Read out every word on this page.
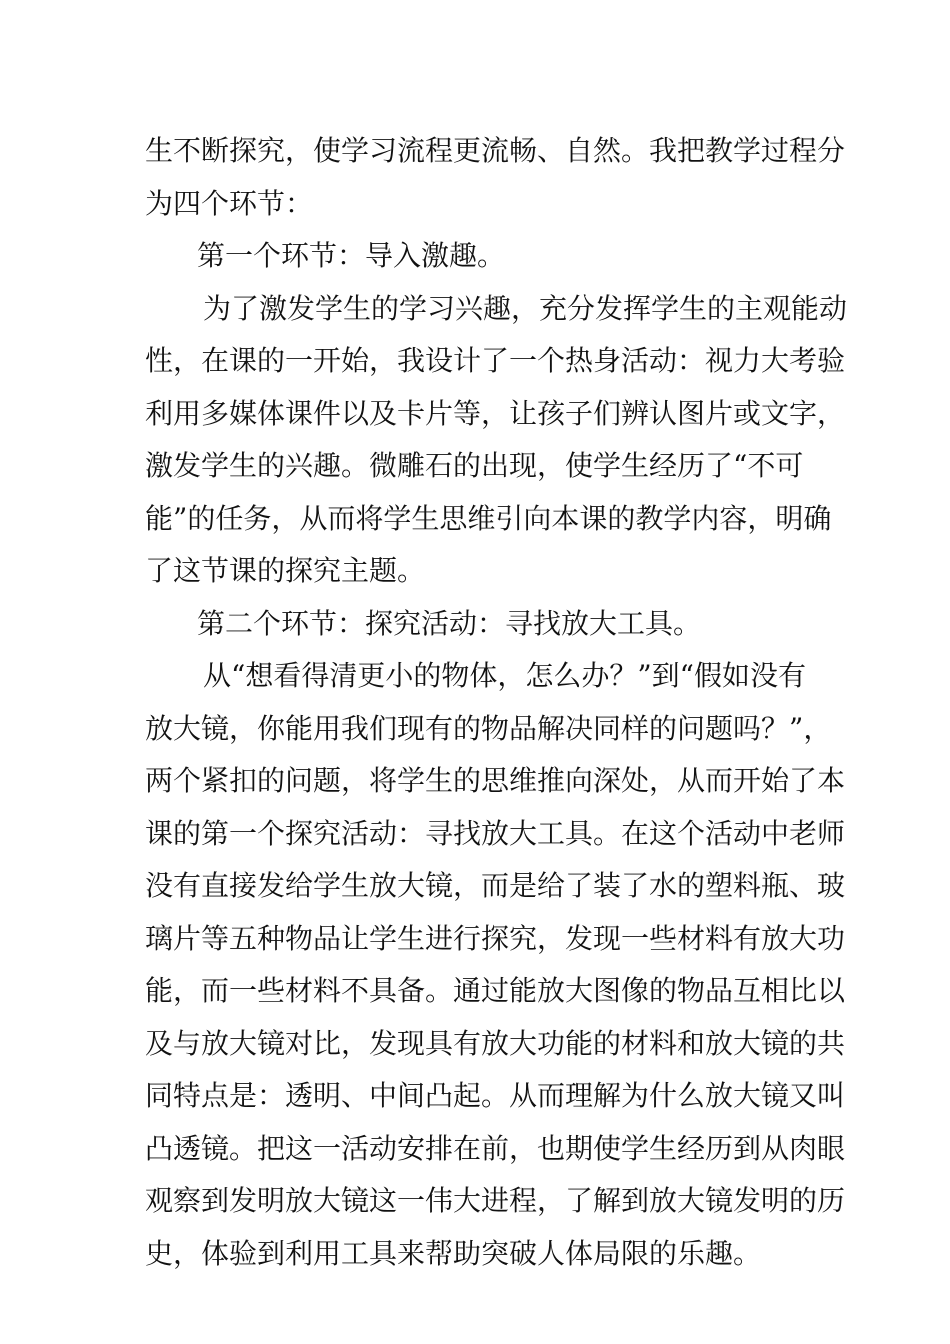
生不断探究，使学习流程更流畅、自然。我把教学过程分
为四个环节：
第一个环节：导入激趣。
为了激发学生的学习兴趣，充分发挥学生的主观能动
性，在课的一开始，我设计了一个热身活动：视力大考验
利用多媒体课件以及卡片等，让孩子们辨认图片或文字，
激发学生的兴趣。微雕石的出现，使学生经历了“不可
能”的任务，从而将学生思维引向本课的教学内容，明确
了这节课的探究主题。
第二个环节：探究活动：寻找放大工具。
从“想看得清更小的物体，怎么办？”到“假如没有
放大镜，你能用我们现有的物品解决同样的问题吗？”，
两个紧扣的问题，将学生的思维推向深处，从而开始了本
课的第一个探究活动：寻找放大工具。在这个活动中老师
没有直接发给学生放大镜，而是给了装了水的塑料瓶、玻
璃片等五种物品让学生进行探究，发现一些材料有放大功
能，而一些材料不具备。通过能放大图像的物品互相比以
及与放大镜对比，发现具有放大功能的材料和放大镜的共
同特点是：透明、中间凸起。从而理解为什么放大镜又叫
凸透镜。把这一活动安排在前，也期使学生经历到从肉眼
观察到发明放大镜这一伟大进程，了解到放大镜发明的历
史，体验到利用工具来帮助突破人体局限的乐趣。
